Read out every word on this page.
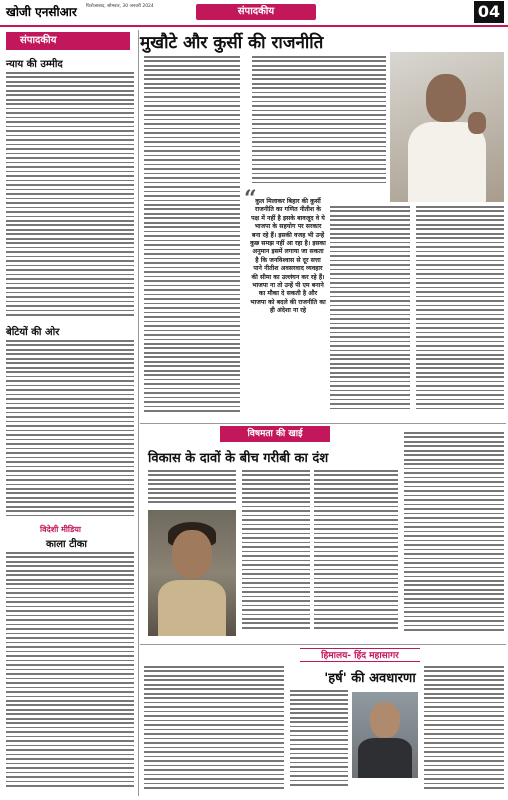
खोजी एनसीआर फिरोजाबाद, सोमवार, 30 जनवरी 2024	संपादकीय	04
संपादकीय
न्याय की उम्मीद
बेटियों की ओर
विदेशी मीडिया
काला टीका
मुखौटे और कुर्सी की राजनीति
“
कुल मिलाकर बिहार की कुर्सी राजनीति का गणित नीतीश के पक्ष में नहीं है इसके बावजूद वे ये भाजपा के सहयोग पर सरकार बना रहे हैं। इसकी वजह भी उन्हें कुछ समझ नहीं आ रहा है। इसका अनुमान इसमें लगाया जा सकता है कि जनविश्वास से दूर सत्ता पाने नीतीश अवसरवाद व्यवहार की सीमा का उल्लंघन कर रहे हैं। भाजपा ना तो उन्हें पी एम बनाने का मौका दे सकती है और भाजपा को बदले की राजनीति का ही अंदेशा ना रहे
विषमता की खाई
विकास के दावों के बीच गरीबी का दंश
हिमालय- हिंद महासागर
'हर्ष' की अवधारणा
